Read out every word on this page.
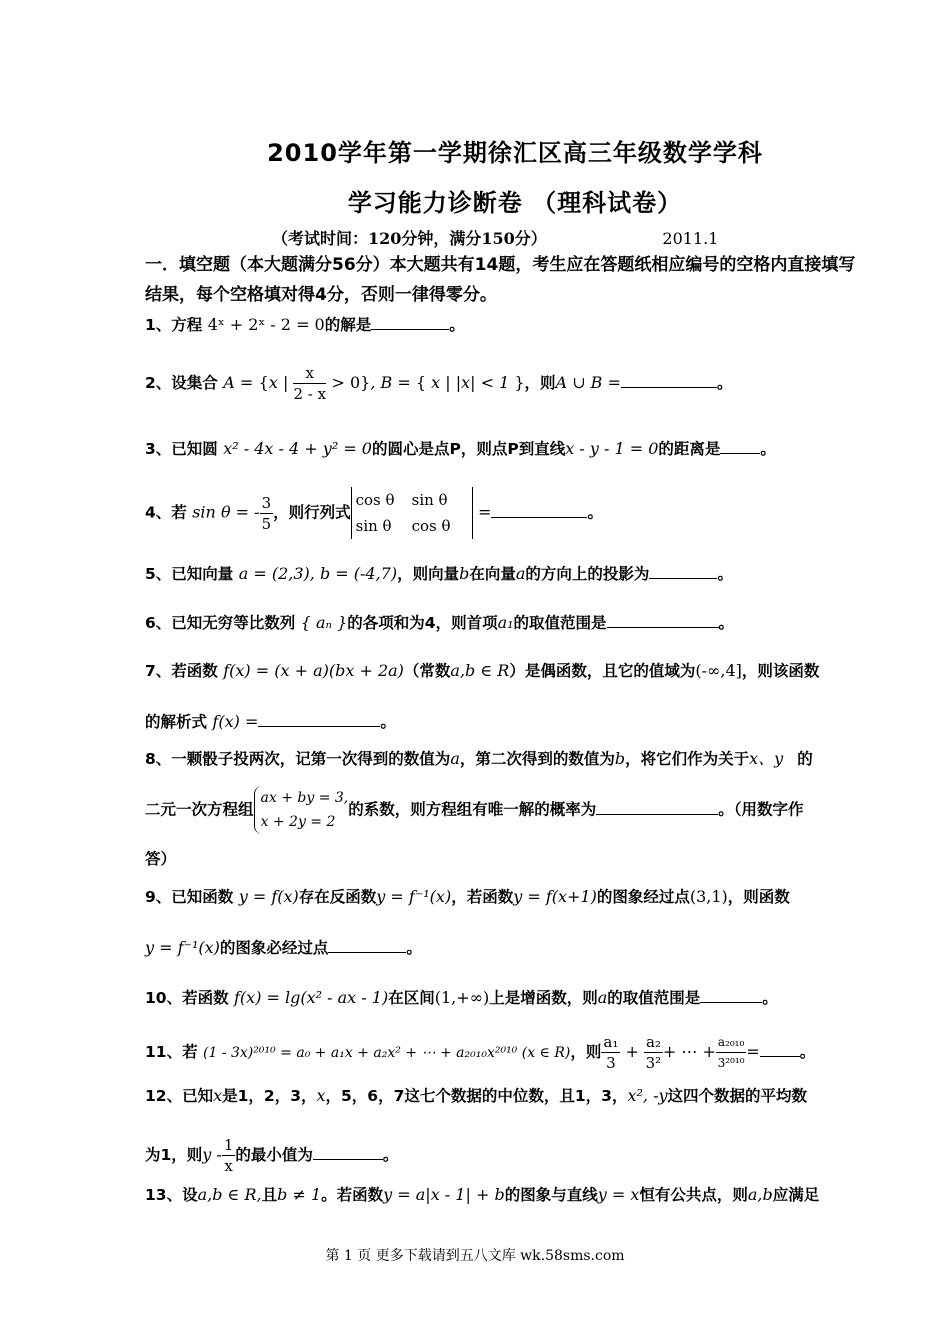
2010学年第一学期徐汇区高三年级数学学科
学习能力诊断卷 （理科试卷）
（考试时间：120分钟，满分150分）	2011.1
一．填空题（本大题满分56分）本大题共有14题，考生应在答题纸相应编号的空格内直接填写结果，每个空格填对得4分，否则一律得零分。
1、方程 4ˣ + 2ˣ - 2 = 0的解是	。
2、设集合 A = {x | $\frac{x}{2 - x} > 0$}, B = { x | |x| < 1 }，则A ∪ B =	。
3、已知圆 x² - 4x - 4 + y² = 0的圆心是点P，则点P到直线x - y - 1 = 0的距离是	。
4、若 sin θ = - $\frac{3}{5}$ ，则行列式cos θ sin θ
sin θ cos θ =	。
5、已知向量 a = (2,3), b = (-4,7)，则向量b在向量a的方向上的投影为	。
6、已知无穷等比数列 { aₙ }的各项和为4，则首项a₁的取值范围是	。
7、若函数 f(x) = (x + a)(bx + 2a)（常数a,b ∈ R）是偶函数，且它的值域为(-∞,4]，则该函数
的解析式 f(x) =	。
8、一颗骰子投两次，记第一次得到的数值为a，第二次得到的数值为b，将它们作为关于x、y 的
二元一次方程组ax + by = 3,
x + 2y = 2的系数，则方程组有唯一解的概率为	。（用数字作
答）
9、已知函数 y = f(x)存在反函数y = f⁻¹(x)，若函数y = f(x+1)的图象经过点(3,1)，则函数
y = f⁻¹(x)的图象必经过点	。
10、若函数 f(x) = lg(x² - ax - 1)在区间(1,+∞)上是增函数，则a的取值范围是	。
11、若 (1 - 3x)²⁰¹⁰ = a₀ + a₁x + a₂x² + ⋯ + a₂₀₁₀x²⁰¹⁰ (x ∈ R)，则 $\frac{\text{a₁}}{3} + \frac{\text{a₂}}{\text{3²}}$ + ⋯ + $\frac{\text{a₂₀₁₀}}{\text{3²⁰¹⁰}}$ =	。
12、已知x是1，2，3，x，5，6，7这七个数据的中位数，且1，3，x², -y这四个数据的平均数
为1，则y - $\frac{1}{x}$ 的最小值为	。
13、设a,b ∈ R,且b ≠ 1。若函数y = a|x - 1| + b的图象与直线y = x恒有公共点，则a,b应满足
第 1 页 更多下载请到五八文库 wk.58sms.com
